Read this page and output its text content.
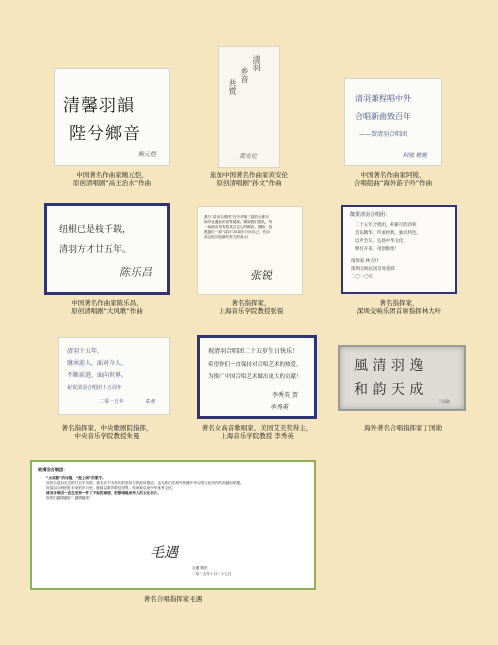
清馨羽韻
陛兮鄉音
鲍元恺
中国著名作曲家鲍元恺，
原创清唱剧“高王治水”作曲
清羽
乡音
共赏
黄安伦
旅加中国著名作曲家黄安伦
原创清唱剧“孙文”作曲
清羽兼程唱中外
合唱新曲致百年
——贺清羽合唱团
阿镗 敬题
中国著名作曲家阿镗，
合唱组曲“海外游子吟”作曲
纽根已是枝千载，
清羽方才廿五年。
陈乐昌
中国著名作曲家陈乐昌，
原创清唱剧“大风歌”作曲
我与“清羽合唱团”在中华第三届的大都市
和早北遇致的世界展演。聊到我们团队，每
一场演出均有着其过去心的精彩。期盼，祝
愿她们一如“清羽”25周年只问自己，有余
高且再共创新的美力的成人!
张锐
著名指挥家，
上海音乐学院教授张锐
敬贺清羽合唱团：
二十五年合唱团，积累尽韵清和
音乐精华，传承经典，独具特色，
以声会友，弘扬中华文化，
继往开来，再创辉煌！
指挥家 林大叶
深圳交响乐团首席指挥
二〇一〇年
著名指挥家，
深圳交响乐团首席指挥林大叶
清羽十五年，
继承前人，面对今人，
不断前进，面向世界。
祝贺清羽合唱团十五周年
二零一五年	朱曼
著名指挥家、中央歌剧院指挥，
中央音乐学院教授朱曼
祝清羽合唱团二十五岁生日快乐！
希望你们一直保持对合唱艺术的热爱，
为推广中国合唱艺术做出更大的贡献！
李秀英 贺
李秀英
著名女高音歌唱家、美国艾美奖得主，
上海音乐学院教授 李秀英
風 清 羽 逸
和 韵 天 成
丁国勋
海外著名合唱指挥家丁国勋
致清羽合唱团：
“点亮黎”的诗篇，“振上唱”的歌手。
回首当清羽走过的廿五年历程，我无法不为你们的坚持与热爱所感动，也为你们在海外传播中华合唱文化所作的贡献而骄傲。
祝清羽合唱团在未来的岁月里，继续以歌声联结世界，传承和弘扬中华优秀文化。
清羽合唱团一直在坚持一件了不起的事情，把歌唱做成华人的文化名片。
祝你们越唱越好！越唱越美！
毛遇
毛遇 敬贺
二零二五年十月二十七日
著名合唱指挥家毛遇
